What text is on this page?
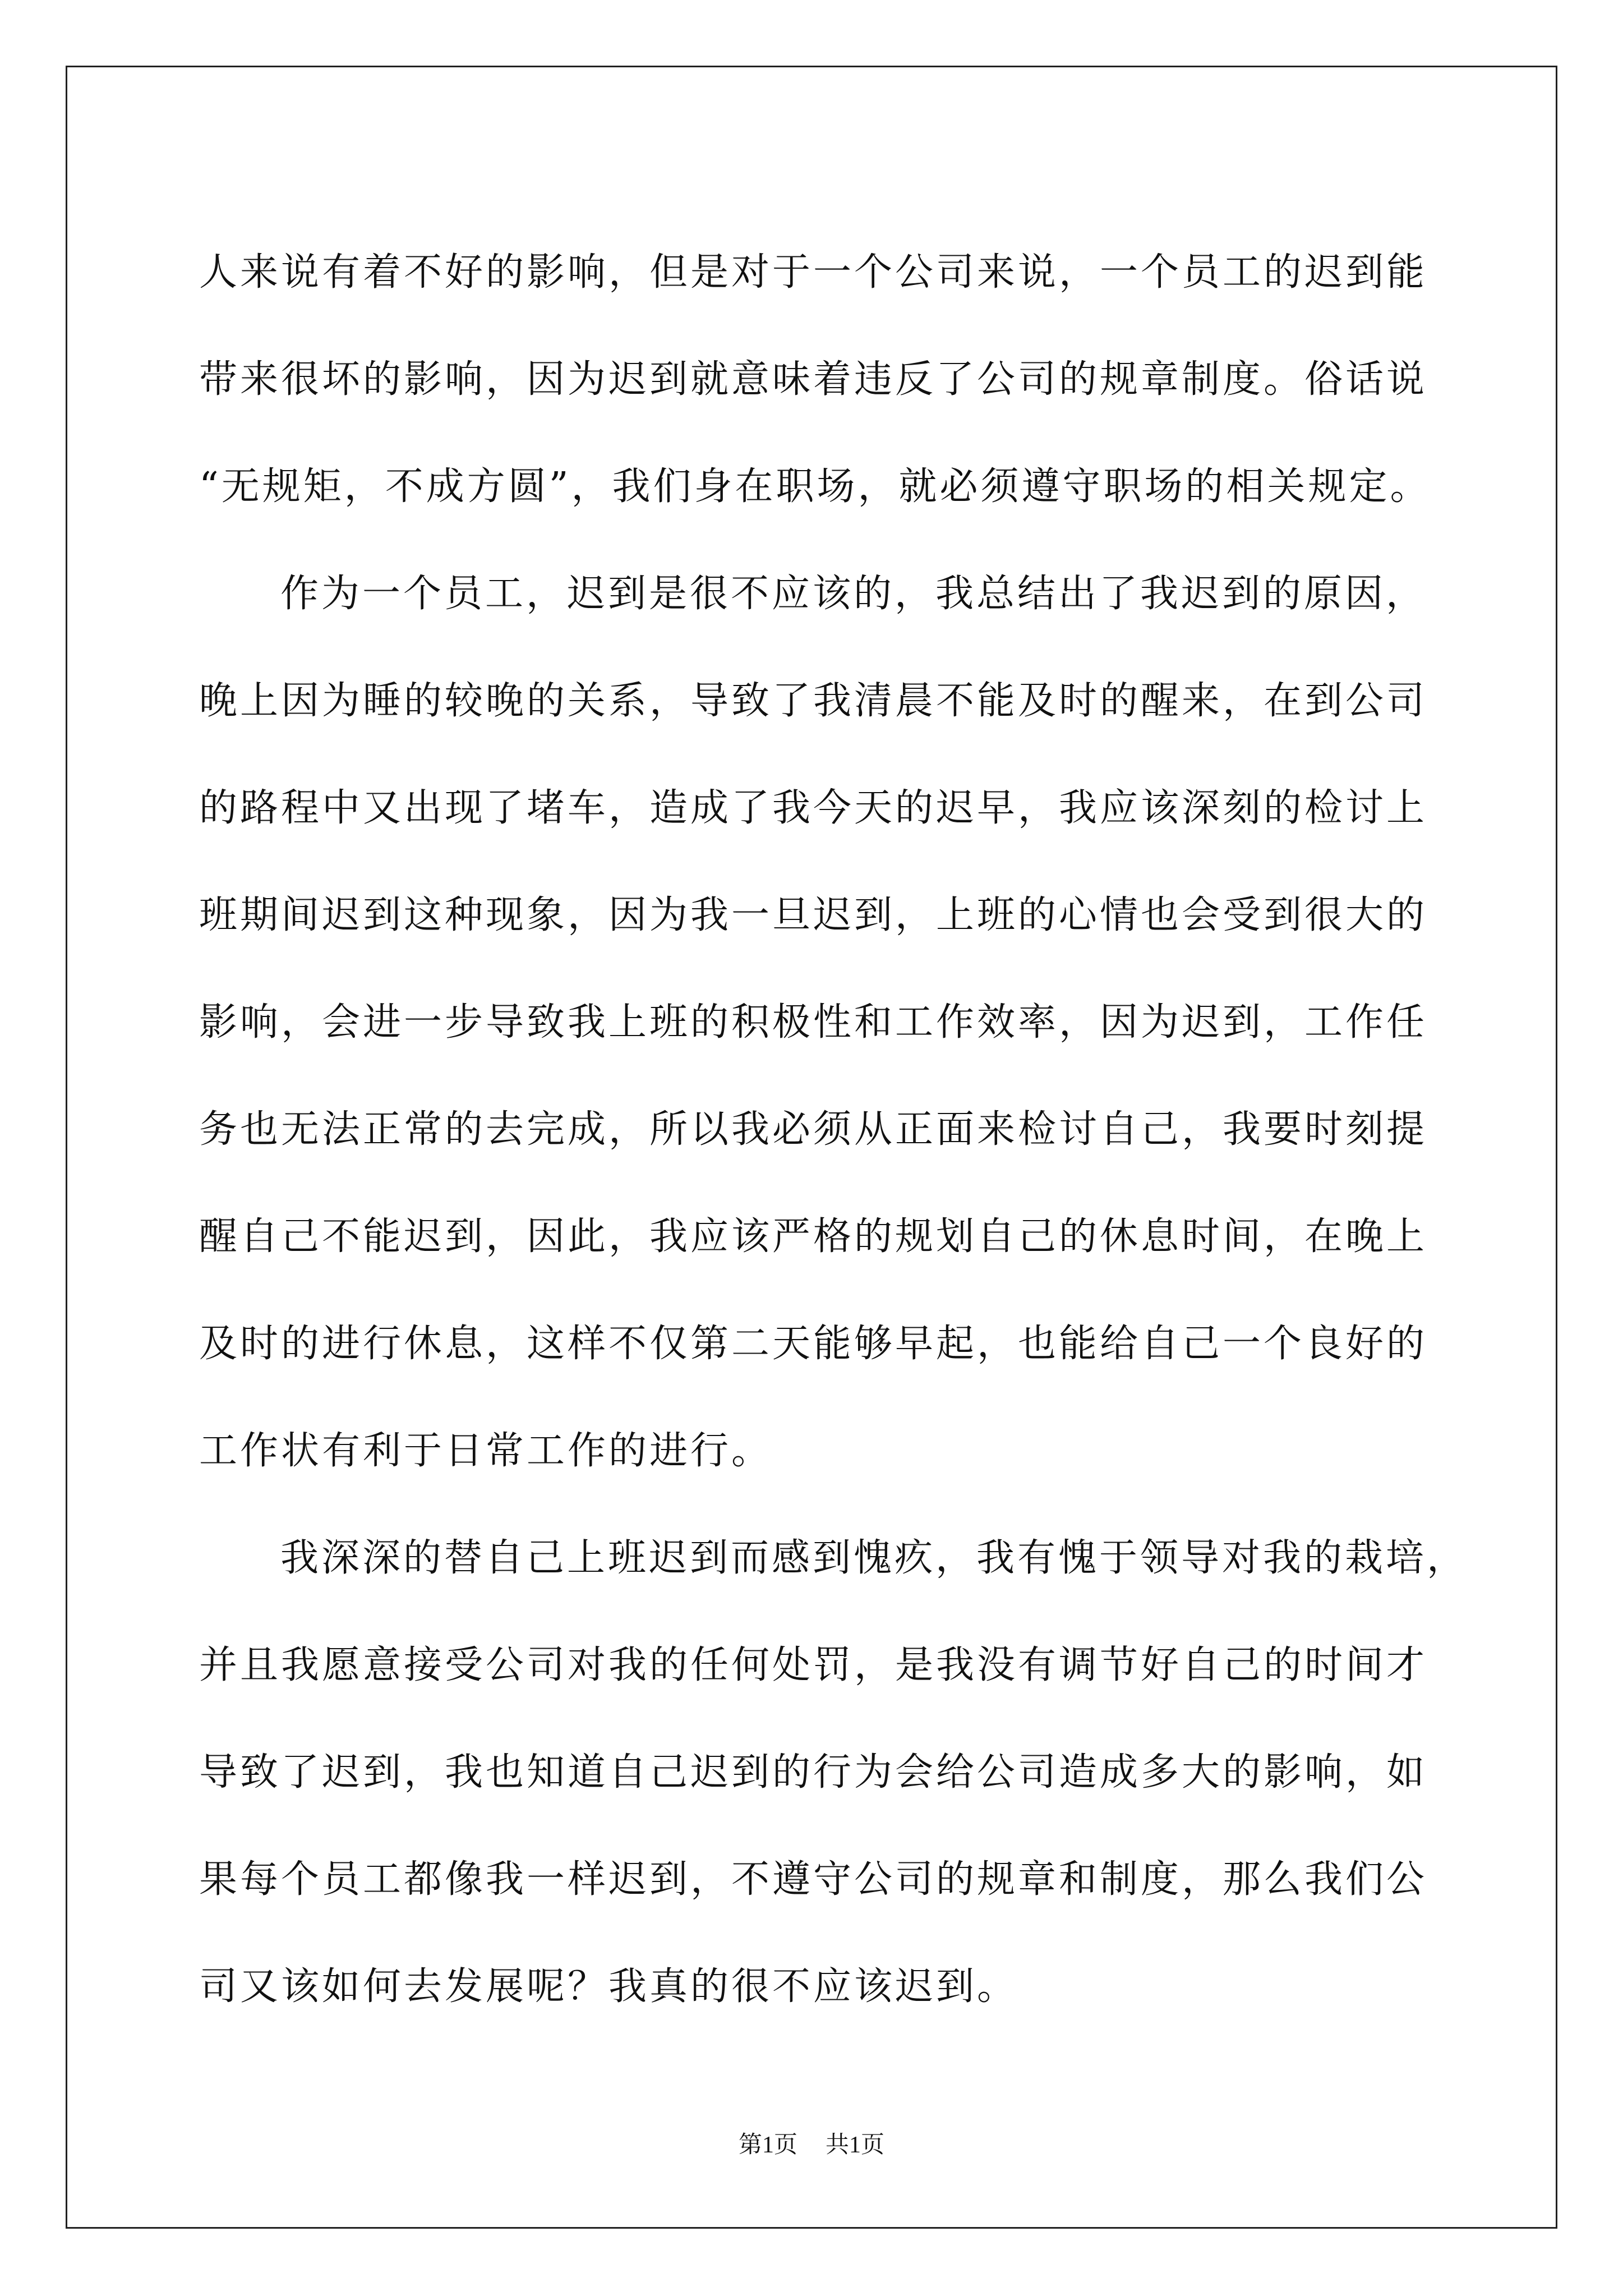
人来说有着不好的影响，但是对于一个公司来说，一个员工的迟到能
带来很坏的影响，因为迟到就意味着违反了公司的规章制度。俗话说
“无规矩，不成方圆”，我们身在职场，就必须遵守职场的相关规定。
作为一个员工，迟到是很不应该的，我总结出了我迟到的原因，
晚上因为睡的较晚的关系，导致了我清晨不能及时的醒来，在到公司
的路程中又出现了堵车，造成了我今天的迟早，我应该深刻的检讨上
班期间迟到这种现象，因为我一旦迟到，上班的心情也会受到很大的
影响，会进一步导致我上班的积极性和工作效率，因为迟到，工作任
务也无法正常的去完成，所以我必须从正面来检讨自己，我要时刻提
醒自己不能迟到，因此，我应该严格的规划自己的休息时间，在晚上
及时的进行休息，这样不仅第二天能够早起，也能给自己一个良好的
工作状有利于日常工作的进行。
我深深的替自己上班迟到而感到愧疚，我有愧于领导对我的栽培，
并且我愿意接受公司对我的任何处罚，是我没有调节好自己的时间才
导致了迟到，我也知道自己迟到的行为会给公司造成多大的影响，如
果每个员工都像我一样迟到，不遵守公司的规章和制度，那么我们公
司又该如何去发展呢？我真的很不应该迟到。
第1页 共1页
